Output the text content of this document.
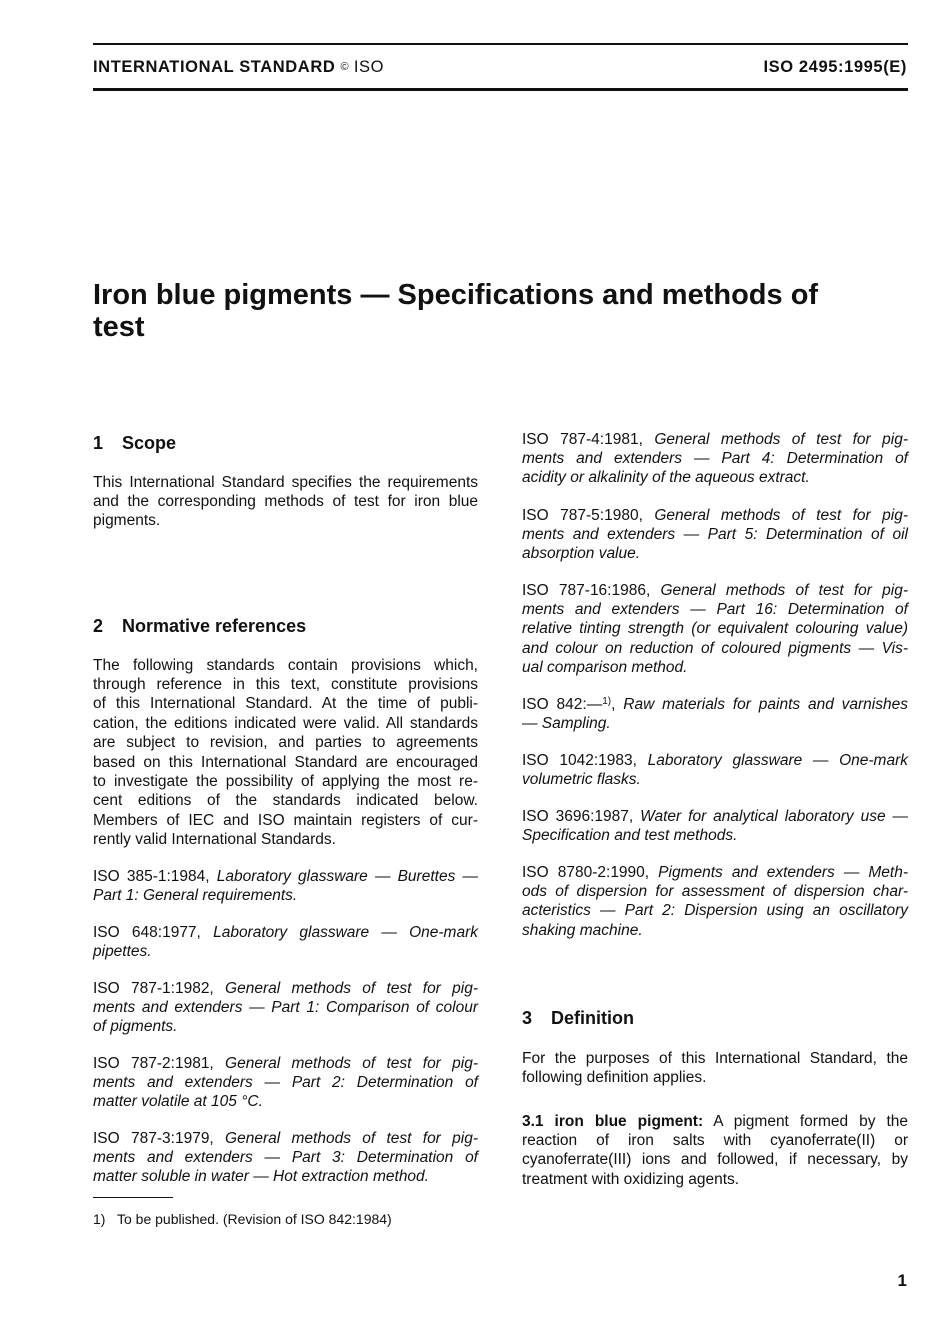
INTERNATIONAL STANDARD © ISO	ISO 2495:1995(E)
Iron blue pigments — Specifications and methods of test
1 Scope
This International Standard specifies the requirements
and the corresponding methods of test for iron blue
pigments.
2 Normative references
The following standards contain provisions which,
through reference in this text, constitute provisions
of this International Standard. At the time of publi-
cation, the editions indicated were valid. All standards
are subject to revision, and parties to agreements
based on this International Standard are encouraged
to investigate the possibility of applying the most re-
cent editions of the standards indicated below.
Members of IEC and ISO maintain registers of cur-
rently valid International Standards.
ISO 385-1:1984, Laboratory glassware — Burettes —
Part 1: General requirements.
ISO 648:1977, Laboratory glassware — One-mark
pipettes.
ISO 787-1:1982, General methods of test for pig-
ments and extenders — Part 1: Comparison of colour
of pigments.
ISO 787-2:1981, General methods of test for pig-
ments and extenders — Part 2: Determination of
matter volatile at 105 °C.
ISO 787-3:1979, General methods of test for pig-
ments and extenders — Part 3: Determination of
matter soluble in water — Hot extraction method.
ISO 787-4:1981, General methods of test for pig-
ments and extenders — Part 4: Determination of
acidity or alkalinity of the aqueous extract.
ISO 787-5:1980, General methods of test for pig-
ments and extenders — Part 5: Determination of oil
absorption value.
ISO 787-16:1986, General methods of test for pig-
ments and extenders — Part 16: Determination of
relative tinting strength (or equivalent colouring value)
and colour on reduction of coloured pigments — Vis-
ual comparison method.
ISO 842:—$^{1)}$, Raw materials for paints and varnishes
— Sampling.
ISO 1042:1983, Laboratory glassware — One-mark
volumetric flasks.
ISO 3696:1987, Water for analytical laboratory use —
Specification and test methods.
ISO 8780-2:1990, Pigments and extenders — Meth-
ods of dispersion for assessment of dispersion char-
acteristics — Part 2: Dispersion using an oscillatory
shaking machine.
3 Definition
For the purposes of this International Standard, the
following definition applies.
3.1 iron blue pigment: A pigment formed by the
reaction of iron salts with cyanoferrate(II) or
cyanoferrate(III) ions and followed, if necessary, by
treatment with oxidizing agents.
1) To be published. (Revision of ISO 842:1984)
1
